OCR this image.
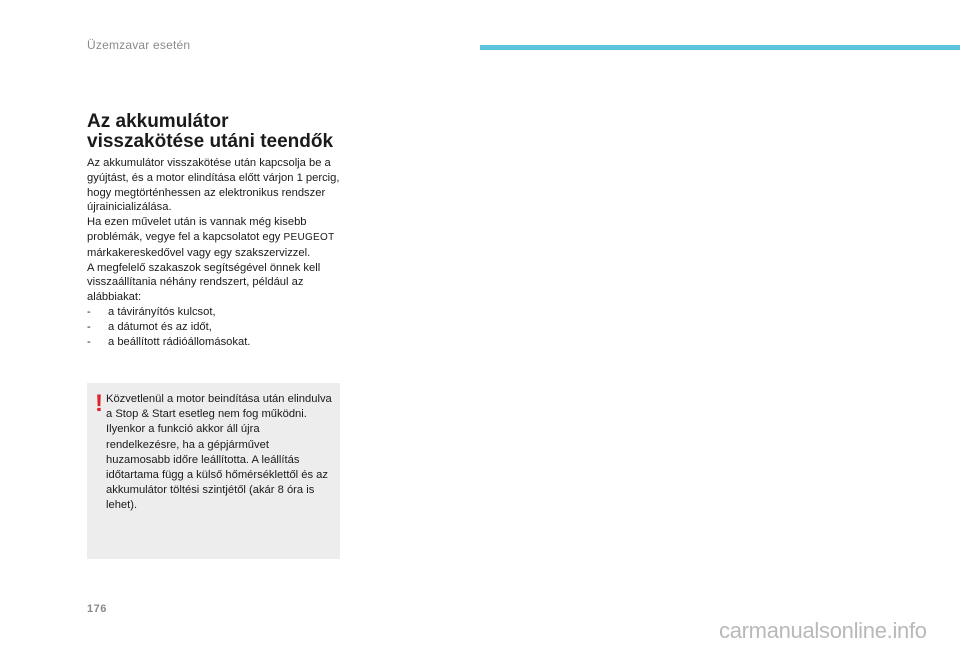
Üzemzavar esetén
Az akkumulátor
visszakötése utáni teendők

Az akkumulátor visszakötése után kapcsolja be a gyújtást, és a motor elindítása előtt várjon 1 percig, hogy megtörténhessen az elektronikus rendszer újrainicializálása.

Ha ezen művelet után is vannak még kisebb problémák, vegye fel a kapcsolatot egy PEUGEOT márkakereskedővel vagy egy szakszervizzel.

A megfelelő szakaszok segítségével önnek kell visszaállítania néhány rendszert, például az alábbiakat:

- a távirányítós kulcsot,
- a dátumot és az időt,
- a beállított rádióállomásokat.
! Közvetlenül a motor beindítása után elindulva a Stop & Start esetleg nem fog működni.

Ilyenkor a funkció akkor áll újra rendelkezésre, ha a gépjárművet huzamosabb időre leállította. A leállítás időtartama függ a külső hőmérséklettől és az akkumulátor töltési szintjétől (akár 8 óra is lehet).

176
carmanualsonline.info
